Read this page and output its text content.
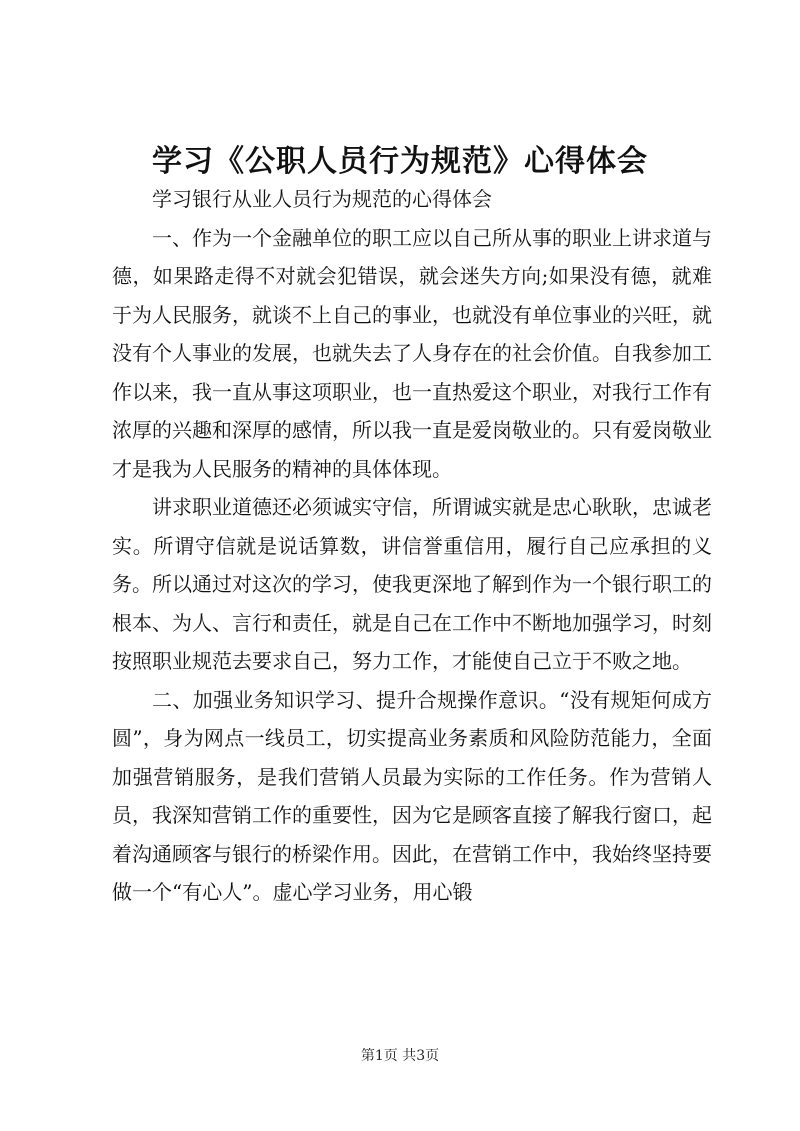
学习《公职人员行为规范》心得体会

学习银行从业人员行为规范的心得体会

一、作为一个金融单位的职工应以自己所从事的职业上讲求道与德，如果路走得不对就会犯错误，就会迷失方向;如果没有德，就难于为人民服务，就谈不上自己的事业，也就没有单位事业的兴旺，就没有个人事业的发展，也就失去了人身存在的社会价值。自我参加工作以来，我一直从事这项职业，也一直热爱这个职业，对我行工作有浓厚的兴趣和深厚的感情，所以我一直是爱岗敬业的。只有爱岗敬业才是我为人民服务的精神的具体体现。

讲求职业道德还必须诚实守信，所谓诚实就是忠心耿耿，忠诚老实。所谓守信就是说话算数，讲信誉重信用，履行自己应承担的义务。所以通过对这次的学习，使我更深地了解到作为一个银行职工的根本、为人、言行和责任，就是自己在工作中不断地加强学习，时刻按照职业规范去要求自己，努力工作，才能使自己立于不败之地。

二、加强业务知识学习、提升合规操作意识。“没有规矩何成方圆”，身为网点一线员工，切实提高业务素质和风险防范能力，全面加强营销服务，是我们营销人员最为实际的工作任务。作为营销人员，我深知营销工作的重要性，因为它是顾客直接了解我行窗口，起着沟通顾客与银行的桥梁作用。因此，在营销工作中，我始终坚持要做一个“有心人”。虚心学习业务，用心锻

第1页 共3页
